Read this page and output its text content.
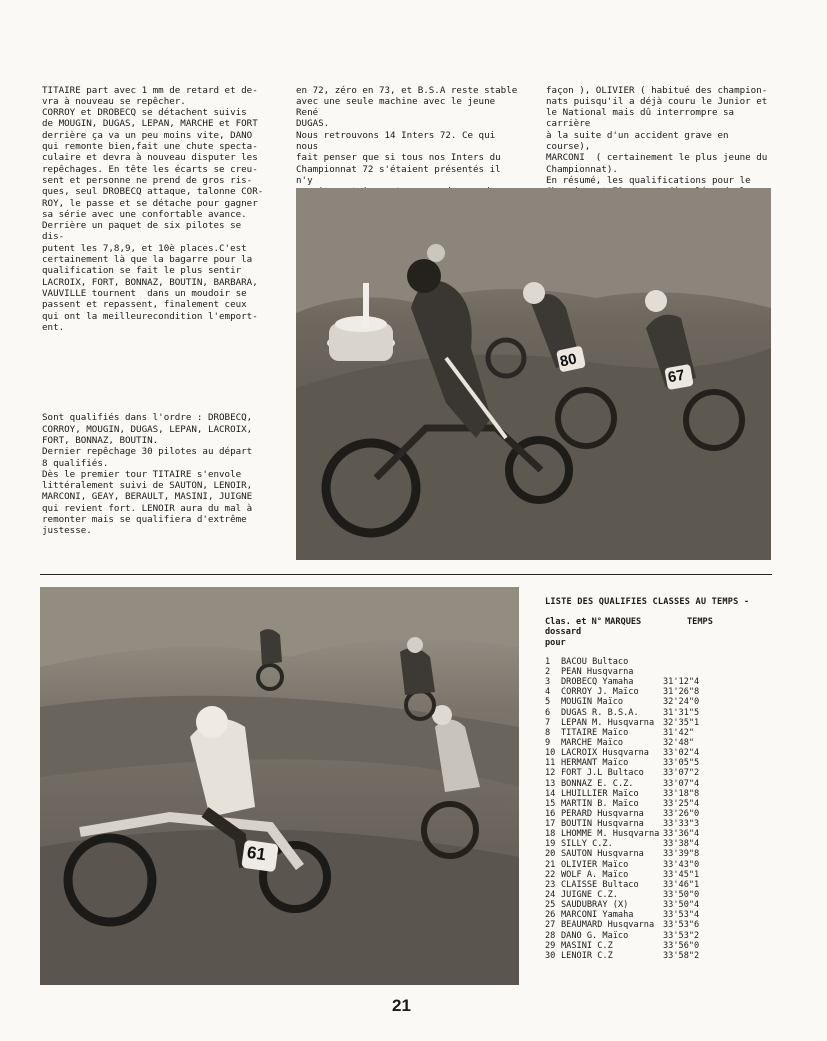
TITAIRE part avec 1 mm de retard et de-
vra à nouveau se repêcher.
CORROY et DROBECQ se détachent suivis
de MOUGIN, DUGAS, LEPAN, MARCHE et FORT
derrière ça va un peu moins vite, DANO
qui remonte bien,fait une chute specta-
culaire et devra à nouveau disputer les
repêchages. En tête les écarts se creu-
sent et personne ne prend de gros ris-
ques, seul DROBECQ attaque, talonne COR-
ROY, le passe et se détache pour gagner
sa série avec une confortable avance.
Derrière un paquet de six pilotes se dis-
putent les 7,8,9, et 10è places.C'est
certainement là que la bagarre pour la
qualification se fait le plus sentir
LACROIX, FORT, BONNAZ, BOUTIN, BARBARA,
VAUVILLE tournent  dans un moudoir se
passent et repassent, finalement ceux
qui ont la meilleurecondition l'emport-
ent.

Sont qualifiés dans l'ordre : DROBECQ,
CORROY, MOUGIN, DUGAS, LEPAN, LACROIX,
FORT, BONNAZ, BOUTIN.
Dernier repêchage 30 pilotes au départ
8 qualifiés.
Dès le premier tour TITAIRE s'envole
littéralement suivi de SAUTON, LENOIR,
MARCONI, GEAY, BERAULT, MASINI, JUIGNE
qui revient fort. LENOIR aura du mal à
remonter mais se qualifiera d'extrême
justesse.

en 72, zéro en 73, et B.S.A reste stable
avec une seule machine avec le jeune René
DUGAS.
Nous retrouvons 14 Inters 72. Ce qui nous
fait penser que si tous nos Inters du
Championnat 72 s'étaient présentés il n'y

façon ), OLIVIER ( habitué des champion-
nats puisqu'il a déjà couru le Junior et
le National mais dû interrompre sa carrière
à la suite d'un accident grave en course),
MARCONI  ( certainement le plus jeune du
Championnat).
En résumé, les qualifications pour le

80
67
61
LISTE DES QUALIFIES CLASSES AU TEMPS -
Clas. et N° MARQUES	TEMPS
dossard pour
1	BACOU Bultaco
2	PEAN Husqvarna
3	DROBECQ Yamaha	31'12"4
4	CORROY J. Maïco	31'26"8
5	MOUGIN Maïco	32'24"0
6	DUGAS R. B.S.A.	31'31"5
7	LEPAN M. Husqvarna	32'35"1
8	TITAIRE Maïco	31'42"
9	MARCHE Maïco	32'48"
10 LACROIX Husqvarna	33'02"4
11 HERMANT Maïco	33'05"5
12 FORT J.L Bultaco	33'07"2
13 BONNAZ E. C.Z.	33'07"4
14 LHUILLIER Maïco	33'18"8
15 MARTIN B. Maïco	33'25"4
16 PERARD Husqvarna	33'26"0
17 BOUTIN Husqvarna	33'33"3
18 LHOMME M. Husqvarna 33'36"4
19 SILLY C.Z.	33'38"4
20 SAUTON Husqvarna	33'39"8
21 OLIVIER Maïco	33'43"0
22 WOLF A. Maïco	33'45"1
23 CLAISSE Bultaco	33'46"1
24 JUIGNE C.Z.	33'50"0
25 SAUDUBRAY (X)	33'50"4
26 MARCONI Yamaha	33'53"4
27 BEAUMARD Husqvarna	33'53"6
28 DANO G. Maïco	33'53"2
29 MASINI C.Z	33'56"0
30 LENOIR C.Z	33'58"2
21
